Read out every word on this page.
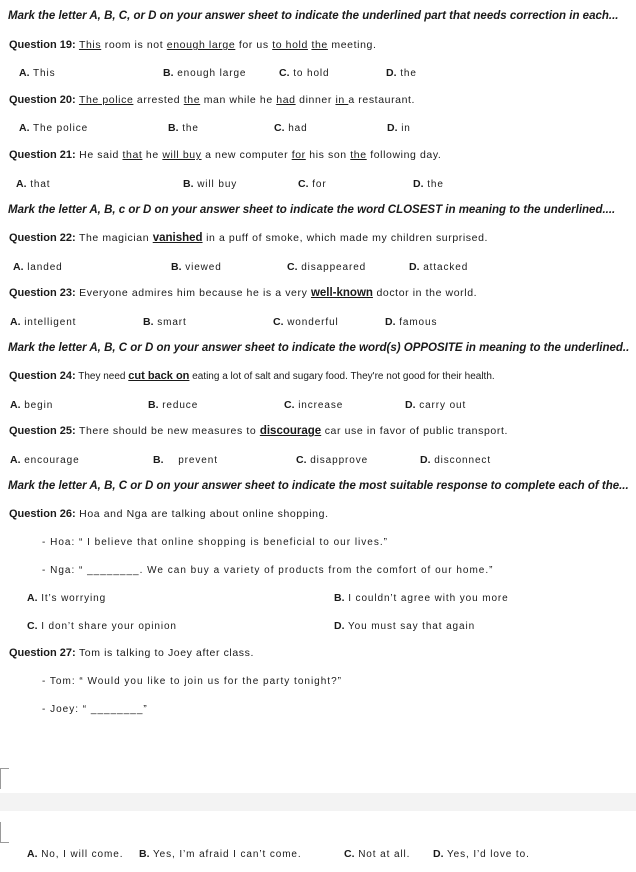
Mark the letter A, B, C, or D on your answer sheet to indicate the underlined part that needs correction in each...
Question 19: This room is not enough large for us to hold the meeting.
A. This	B. enough large	C. to hold	D. the
Question 20: The police arrested the man while he had dinner in a restaurant.
A. The police	B. the	C. had	D. in
Question 21: He said that he will buy a new computer for his son the following day.
A. that	B. will buy	C. for	D. the
Mark the letter A, B, c or D on your answer sheet to indicate the word CLOSEST in meaning to the underlined....
Question 22: The magician vanished in a puff of smoke, which made my children surprised.
A. landed	B. viewed	C. disappeared	D. attacked
Question 23: Everyone admires him because he is a very well-known doctor in the world.
A. intelligent	B. smart	C. wonderful	D. famous
Mark the letter A, B, C or D on your answer sheet to indicate the word(s) OPPOSITE in meaning to the underlined..
Question 24: They need cut back on eating a lot of salt and sugary food. They're not good for their health.
A. begin	B. reduce	C. increase	D. carry out
Question 25: There should be new measures to discourage car use in favor of public transport.
A. encourage	B. prevent	C. disapprove	D. disconnect
Mark the letter A, B, C or D on your answer sheet to indicate the most suitable response to complete each of the...
Question 26: Hoa and Nga are talking about online shopping.
- Hoa: “ I believe that online shopping is beneficial to our lives.”
- Nga: “ ________. We can buy a variety of products from the comfort of our home.”
A. It’s worrying	B. I couldn’t agree with you more
C. I don’t share your opinion	D. You must say that again
Question 27: Tom is talking to Joey after class.
- Tom: “ Would you like to join us for the party tonight?”
- Joey: “ ________”
A. No, I will come. B. Yes, I’m afraid I can’t come.	C. Not at all. D. Yes, I’d love to.
